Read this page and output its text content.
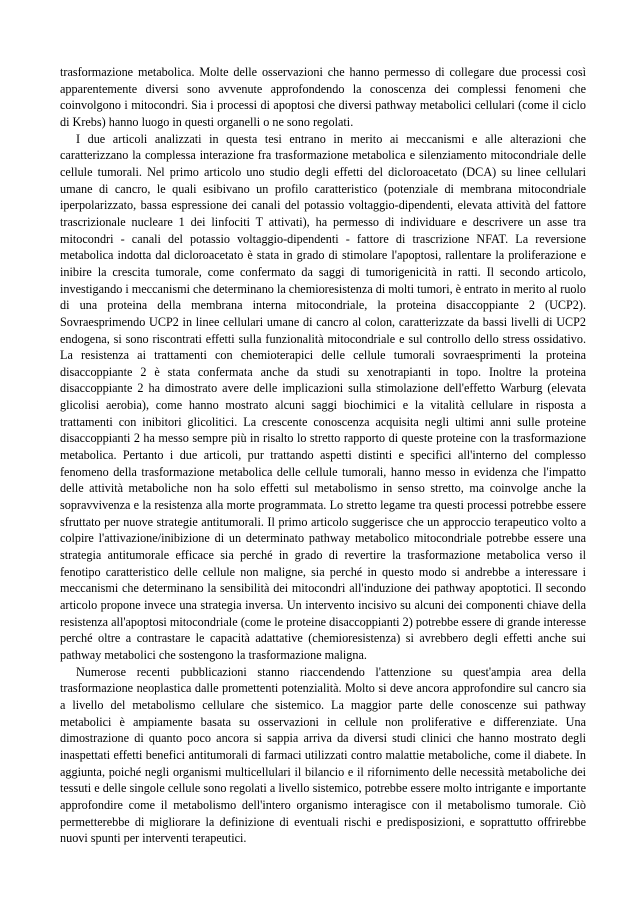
trasformazione metabolica. Molte delle osservazioni che hanno permesso di collegare due processi così apparentemente diversi sono avvenute approfondendo la conoscenza dei complessi fenomeni che coinvolgono i mitocondri. Sia i processi di apoptosi che diversi pathway metabolici cellulari (come il ciclo di Krebs) hanno luogo in questi organelli o ne sono regolati.

I due articoli analizzati in questa tesi entrano in merito ai meccanismi e alle alterazioni che caratterizzano la complessa interazione fra trasformazione metabolica e silenziamento mitocondriale delle cellule tumorali. Nel primo articolo uno studio degli effetti del dicloroacetato (DCA) su linee cellulari umane di cancro, le quali esibivano un profilo caratteristico (potenziale di membrana mitocondriale iperpolarizzato, bassa espressione dei canali del potassio voltaggio-dipendenti, elevata attività del fattore trascrizionale nucleare 1 dei linfociti T attivati), ha permesso di individuare e descrivere un asse tra mitocondri - canali del potassio voltaggio-dipendenti - fattore di trascrizione NFAT. La reversione metabolica indotta dal dicloroacetato è stata in grado di stimolare l'apoptosi, rallentare la proliferazione e inibire la crescita tumorale, come confermato da saggi di tumorigenicità in ratti. Il secondo articolo, investigando i meccanismi che determinano la chemioresistenza di molti tumori, è entrato in merito al ruolo di una proteina della membrana interna mitocondriale, la proteina disaccoppiante 2 (UCP2). Sovraesprimendo UCP2 in linee cellulari umane di cancro al colon, caratterizzate da bassi livelli di UCP2 endogena, si sono riscontrati effetti sulla funzionalità mitocondriale e sul controllo dello stress ossidativo. La resistenza ai trattamenti con chemioterapici delle cellule tumorali sovraesprimenti la proteina disaccoppiante 2 è stata confermata anche da studi su xenotrapianti in topo. Inoltre la proteina disaccoppiante 2 ha dimostrato avere delle implicazioni sulla stimolazione dell'effetto Warburg (elevata glicolisi aerobia), come hanno mostrato alcuni saggi biochimici e la vitalità cellulare in risposta a trattamenti con inibitori glicolitici. La crescente conoscenza acquisita negli ultimi anni sulle proteine disaccoppianti 2 ha messo sempre più in risalto lo stretto rapporto di queste proteine con la trasformazione metabolica. Pertanto i due articoli, pur trattando aspetti distinti e specifici all'interno del complesso fenomeno della trasformazione metabolica delle cellule tumorali, hanno messo in evidenza che l'impatto delle attività metaboliche non ha solo effetti sul metabolismo in senso stretto, ma coinvolge anche la sopravvivenza e la resistenza alla morte programmata. Lo stretto legame tra questi processi potrebbe essere sfruttato per nuove strategie antitumorali. Il primo articolo suggerisce che un approccio terapeutico volto a colpire l'attivazione/inibizione di un determinato pathway metabolico mitocondriale potrebbe essere una strategia antitumorale efficace sia perché in grado di revertire la trasformazione metabolica verso il fenotipo caratteristico delle cellule non maligne, sia perché in questo modo si andrebbe a interessare i meccanismi che determinano la sensibilità dei mitocondri all'induzione dei pathway apoptotici. Il secondo articolo propone invece una strategia inversa. Un intervento incisivo su alcuni dei componenti chiave della resistenza all'apoptosi mitocondriale (come le proteine disaccoppianti 2) potrebbe essere di grande interesse perché oltre a contrastare le capacità adattative (chemioresistenza) si avrebbero degli effetti anche sui pathway metabolici che sostengono la trasformazione maligna.

Numerose recenti pubblicazioni stanno riaccendendo l'attenzione su quest'ampia area della trasformazione neoplastica dalle promettenti potenzialità. Molto si deve ancora approfondire sul cancro sia a livello del metabolismo cellulare che sistemico. La maggior parte delle conoscenze sui pathway metabolici è ampiamente basata su osservazioni in cellule non proliferative e differenziate. Una dimostrazione di quanto poco ancora si sappia arriva da diversi studi clinici che hanno mostrato degli inaspettati effetti benefici antitumorali di farmaci utilizzati contro malattie metaboliche, come il diabete. In aggiunta, poiché negli organismi multicellulari il bilancio e il rifornimento delle necessità metaboliche dei tessuti e delle singole cellule sono regolati a livello sistemico, potrebbe essere molto intrigante e importante approfondire come il metabolismo dell'intero organismo interagisce con il metabolismo tumorale. Ciò permetterebbe di migliorare la definizione di eventuali rischi e predisposizioni, e soprattutto offrirebbe nuovi spunti per interventi terapeutici.
